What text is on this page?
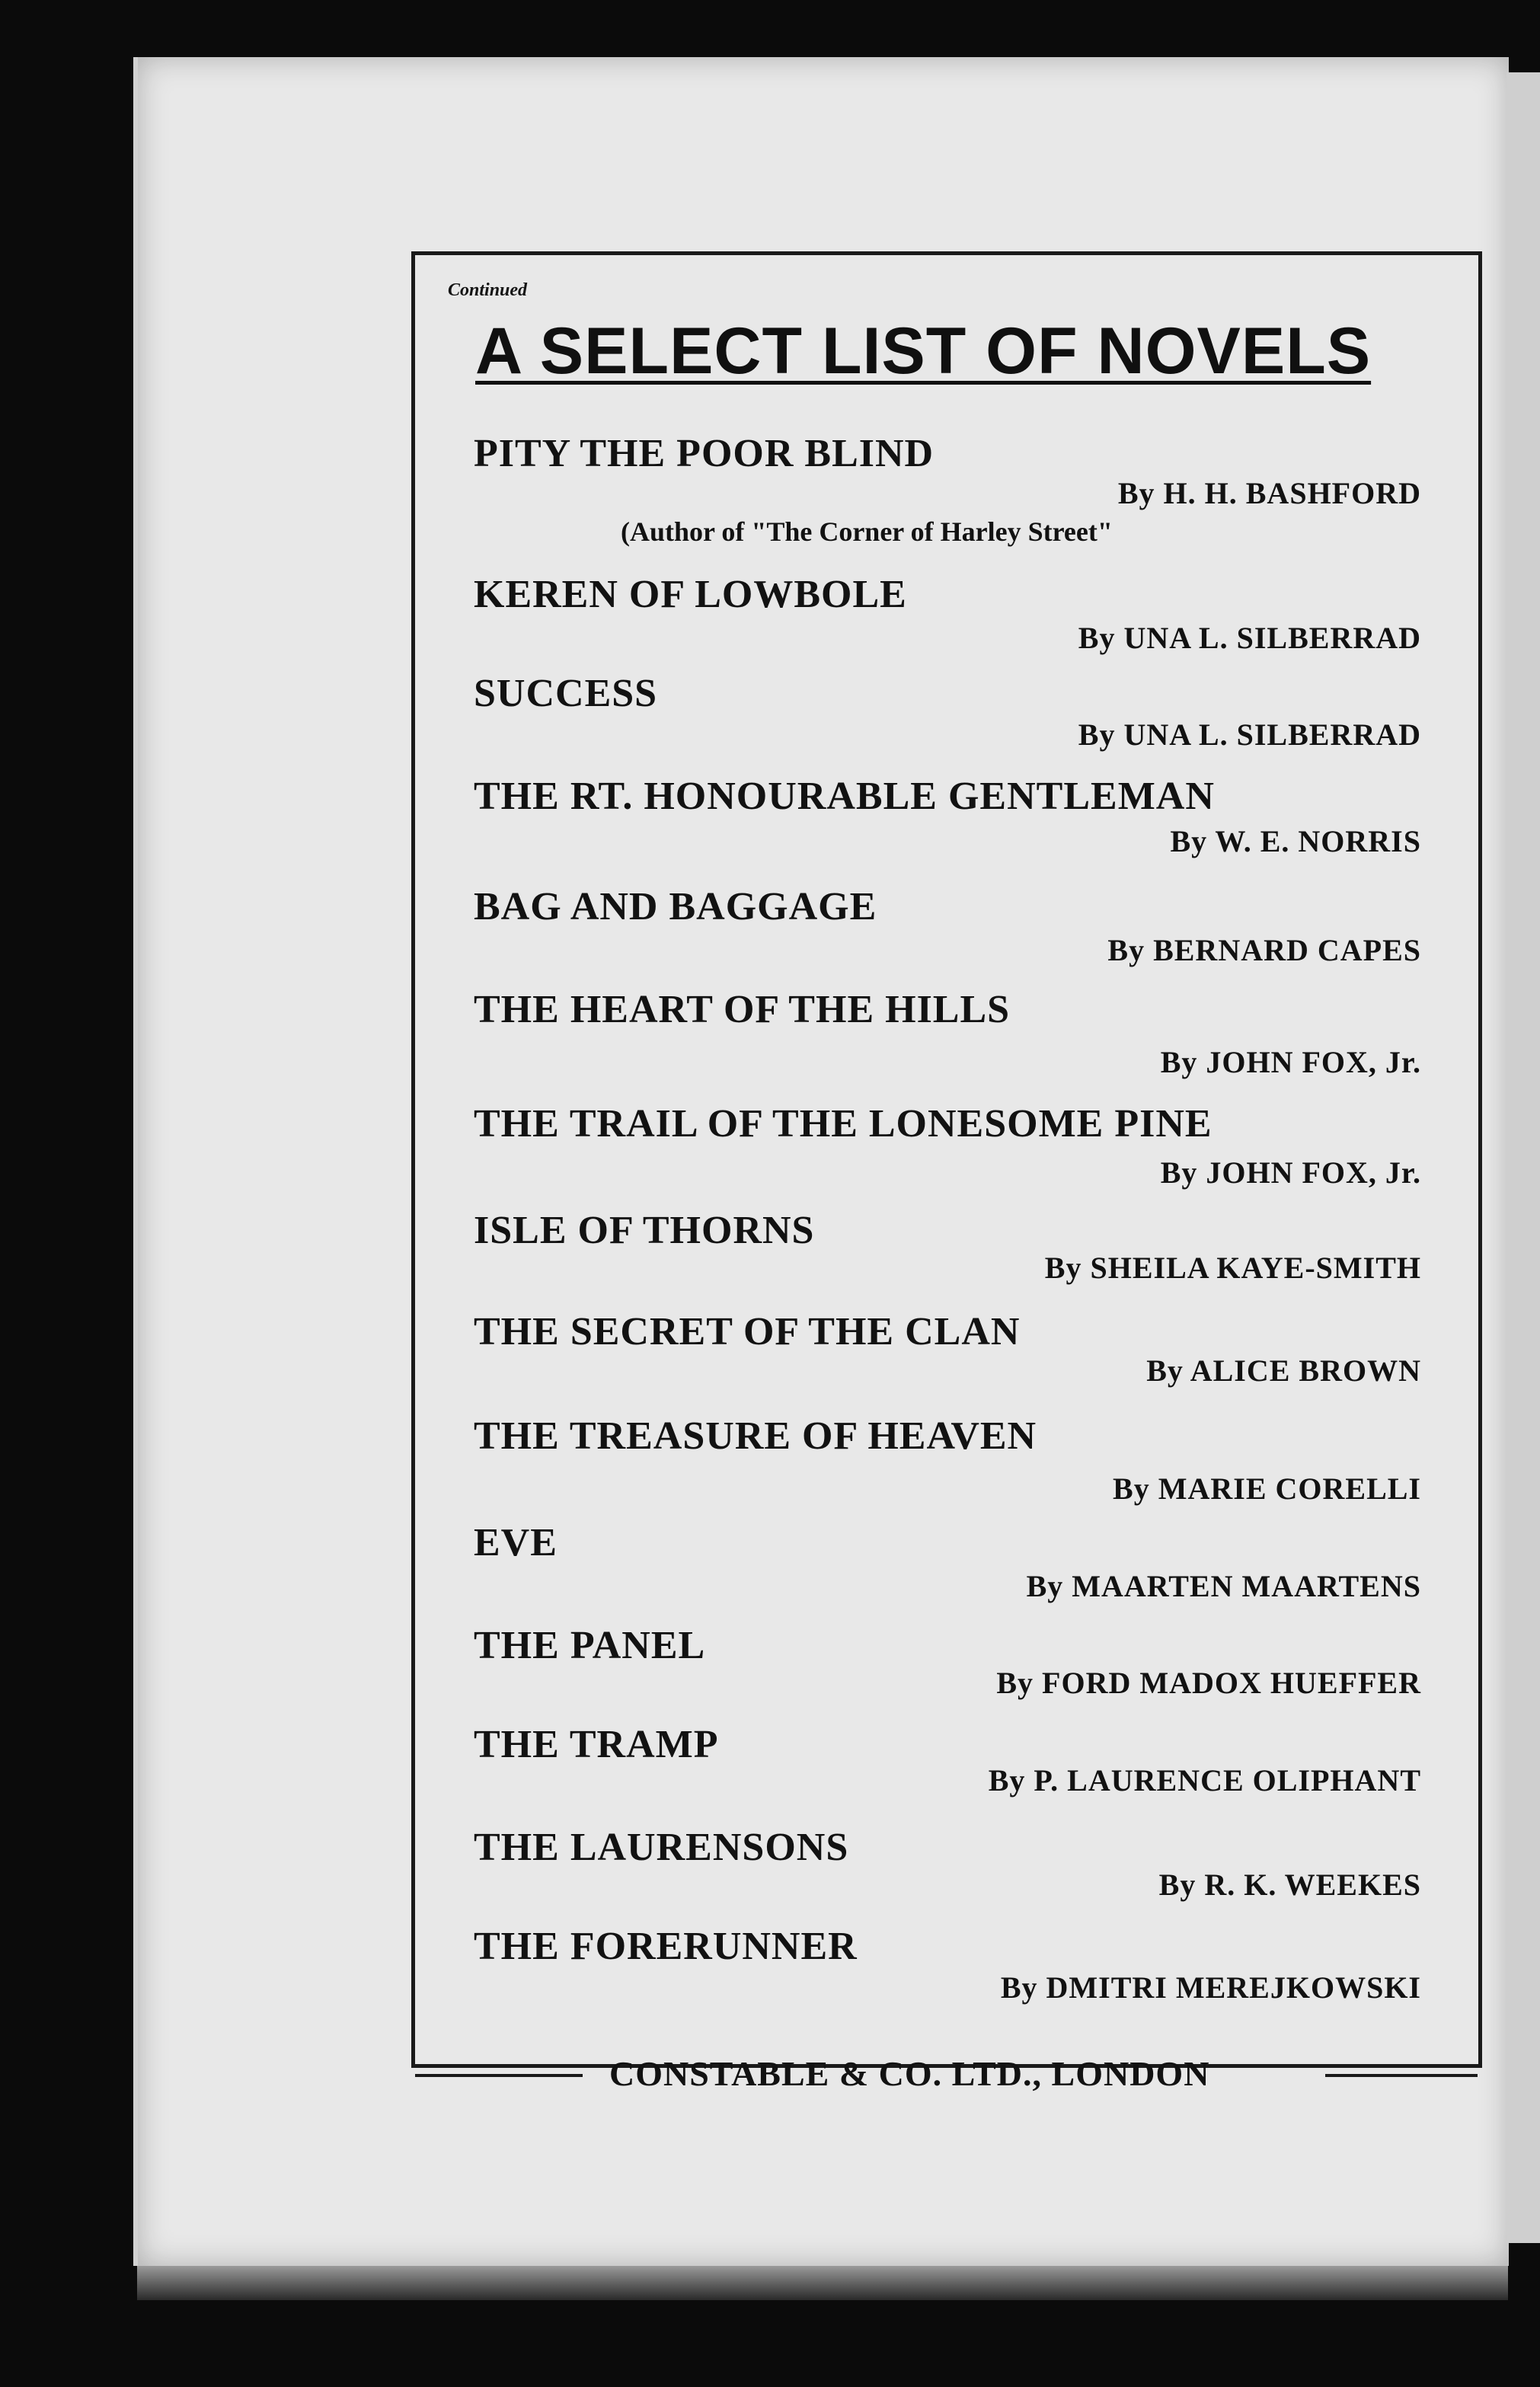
Continued
A SELECT LIST OF NOVELS
PITY THE POOR BLIND
By H. H. BASHFORD
(Author of "The Corner of Harley Street"
KEREN OF LOWBOLE
By UNA L. SILBERRAD
SUCCESS
By UNA L. SILBERRAD
THE RT. HONOURABLE GENTLEMAN
By W. E. NORRIS
BAG AND BAGGAGE
By BERNARD CAPES
THE HEART OF THE HILLS
By JOHN FOX, Jr.
THE TRAIL OF THE LONESOME PINE
By JOHN FOX, Jr.
ISLE OF THORNS
By SHEILA KAYE-SMITH
THE SECRET OF THE CLAN
By ALICE BROWN
THE TREASURE OF HEAVEN
By MARIE CORELLI
EVE
By MAARTEN MAARTENS
THE PANEL
By FORD MADOX HUEFFER
THE TRAMP
By P. LAURENCE OLIPHANT
THE LAURENSONS
By R. K. WEEKES
THE FORERUNNER
By DMITRI MEREJKOWSKI
CONSTABLE & CO. LTD., LONDON
